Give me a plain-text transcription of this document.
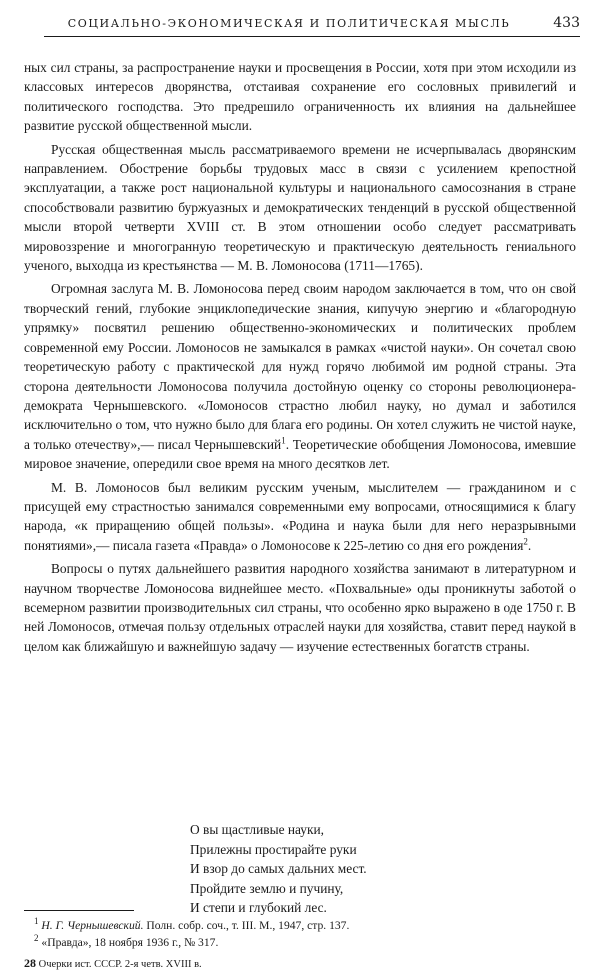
СОЦИАЛЬНО-ЭКОНОМИЧЕСКАЯ И ПОЛИТИЧЕСКАЯ МЫСЛЬ	433

ных сил страны, за распространение науки и просвещения в России, хотя при этом исходили из классовых интересов дворянства, отстаивая сохранение его сословных привилегий и политического господства. Это предрешило ограниченность их влияния на дальнейшее развитие русской общественной мысли.

Русская общественная мысль рассматриваемого времени не исчерпывалась дворянским направлением. Обострение борьбы трудовых масс в связи с усилением крепостной эксплуатации, а также рост национальной культуры и национального самосознания в стране способствовали развитию буржуазных и демократических тенденций в русской общественной мысли второй четверти XVIII ст. В этом отношении особо следует рассматривать мировоззрение и многогранную теоретическую и практическую деятельность гениального ученого, выходца из крестьянства — М. В. Ломоносова (1711—1765).

Огромная заслуга М. В. Ломоносова перед своим народом заключается в том, что он свой творческий гений, глубокие энциклопедические знания, кипучую энергию и «благородную упрямку» посвятил решению общественно-экономических и политических проблем современной ему России. Ломоносов не замыкался в рамках «чистой науки». Он сочетал свою теоретическую работу с практической для нужд горячо любимой им родной страны. Эта сторона деятельности Ломоносова получила достойную оценку со стороны революционера-демократа Чернышевского. «Ломоносов страстно любил науку, но думал и заботился исключительно о том, что нужно было для блага его родины. Он хотел служить не чистой науке, а только отечеству»,— писал Чернышевский$^1$. Теоретические обобщения Ломоносова, имевшие мировое значение, опередили свое время на много десятков лет.

М. В. Ломоносов был великим русским ученым, мыслителем — гражданином и с присущей ему страстностью занимался современными ему вопросами, относящимися к благу народа, «к приращению общей пользы». «Родина и наука были для него неразрывными понятиями»,— писала газета «Правда» о Ломоносове к 225-летию со дня его рождения$^2$.

Вопросы о путях дальнейшего развития народного хозяйства занимают в литературном и научном творчестве Ломоносова виднейшее место. «Похвальные» оды проникнуты заботой о всемерном развитии производительных сил страны, что особенно ярко выражено в оде 1750 г. В ней Ломоносов, отмечая пользу отдельных отраслей науки для хозяйства, ставит перед наукой в целом как ближайшую и важнейшую задачу — изучение естественных богатств страны.

О вы щастливые науки,
Прилежны простирайте руки
И взор до самых дальних мест.
Пройдите землю и пучину,
И степи и глубокий лес.
$^1$ Н. Г. Чернышевский. Полн. собр. соч., т. III. М., 1947, стр. 137.
$^2$ «Правда», 18 ноября 1936 г., № 317.
28 Очерки ист. СССР. 2-я четв. XVIII в.
